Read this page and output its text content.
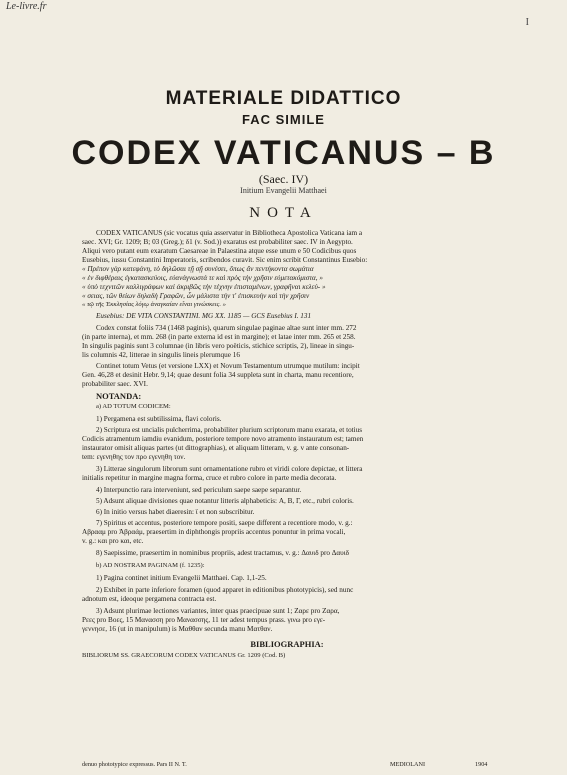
Le-livre.fr
I
MATERIALE DIDATTICO
FAC SIMILE
CODEX VATICANUS – B
(Saec. IV)
Initium Evangelii Matthaei
NOTA
CODEX VATICANUS (sic vocatus quia asservatur in Bibliotheca Apostolica Vaticana iam a
saec. XVI; Gr. 1209; B; 03 (Greg.); δ1 (v. Sod.)) exaratus est probabiliter saec. IV in Aegypto.
Aliqui vero putant eum exaratum Caesareae in Palaestina atque esse unum e 50 Codicibus quos
Eusebius, iussu Constantini Imperatoris, scribendos curavit. Sic enim scribit Constantinus Eusebio:
« Πρέπον γὰρ κατεφάνη, τὸ δηλῶσαι τῇ σῇ συνέσει, ὅπως ἂν πεντήκοντα σωμάτια
« ἐν διφθέραις ἐγκατασκεύοις, εὐανάγνωστά τε καὶ πρὸς τὴν χρῆσιν εὐμετακόμιστα, »
« ὑπὸ τεχνιτῶν καλλιγράφων καὶ ἀκριβῶς τὴν τέχνην ἐπισταμένων, γραφῆναι κελεύ- »
« σειας, τῶν θείων δηλαδὴ Γραφῶν, ὧν μάλιστα τήν τ' ἐπισκευὴν καὶ τὴν χρῆσιν
« τῷ τῆς Ἐκκλησίας λόγῳ ἀναγκαίαν εἶναι γινώσκεις. »
Eusebius: DE VITA CONSTANTINI. MG XX. 1185 — GCS Eusebius I. 131
Codex constat foliis 734 (1468 paginis), quarum singulae paginae altae sunt inter mm. 272
(in parte interna), et mm. 268 (in parte externa id est in margine); et latae inter mm. 265 et 258.
In singulis paginis sunt 3 columnae (in libris vero poëticis, stichice scriptis, 2), lineae in singu-
lis columnis 42, litterae in singulis lineis plerumque 16
Continet totum Vetus (et versione LXX) et Novum Testamentum utrumque mutilum: incipit
Gen. 46,28 et desinit Hebr. 9,14; quae desunt folia 34 suppleta sunt in charta, manu recentiore,
probabiliter saec. XVI.
NOTANDA:
a) AD TOTUM CODICEM:
1) Pergamena est subtilissima, flavi coloris.
2) Scriptura est uncialis pulcherrima, probabiliter plurium scriptorum manu exarata, et totius
Codicis atramentum iamdiu evanidum, posteriore tempore novo atramento instauratum est; tamen
instaurator omisit aliquas partes (ut dittographias), et aliquam litteram, v. g. v ante consonan-
tem: εγενηθης τον προ εγενηθη τον.
3) Litterae singulorum librorum sunt ornamentatione rubro et viridi colore depictae, et littera
initialis repetitur in margine magna forma, cruce et rubro colore in parte media decorata.
4) Interpunctio rara interveniunt, sed periculum saepe saepe separantur.
5) Adsunt aliquae divisiones quae notantur litteris alphabeticis: Α, Β, Γ, etc., rubri coloris.
6) In initio versus habet diaeresin: ϊ et non subscribitur.
7) Spiritus et accentus, posteriore tempore positi, saepe different a recentiore modo, v. g.:
Αβρααμ pro Ἀβραάμ, praesertim in diphthongis propriis accentus ponuntur in prima vocali,
v. g.: και pro και, etc.
8) Saepissime, praesertim in nominibus propriis, adest tractamus, v. g.: Δαυιδ pro Δαυιδ
b) AD NOSTRAM PAGINAM (f. 1235):
1) Pagina continet initium Evangelii Matthaei. Cap. 1,1-25.
2) Exhibet in parte inferiore foramen (quod apparet in editionibus phototypicis), sed nunc
adnotum est, ideoque pergamena contracta est.
3) Adsunt plurimae lectiones variantes, inter quas praecipuae sunt 1; Ζαρε pro Ζαρα,
Ρεες pro Βοες, 15 Μανασση pro Μανασσης, 11 ter adest tempus prass. γινω pro εγε-
γεννησε, 16 (ut in manipulum) is Μαθθαν secunda manu Ματθαν.
BIBLIOGRAPHIA:
BIBLIORUM SS. GRAECORUM CODEX VATICANUS Gr. 1209 (Cod. B)
denuo phototypice expressus. Pars II N. T.	MEDIOLANI	1904
